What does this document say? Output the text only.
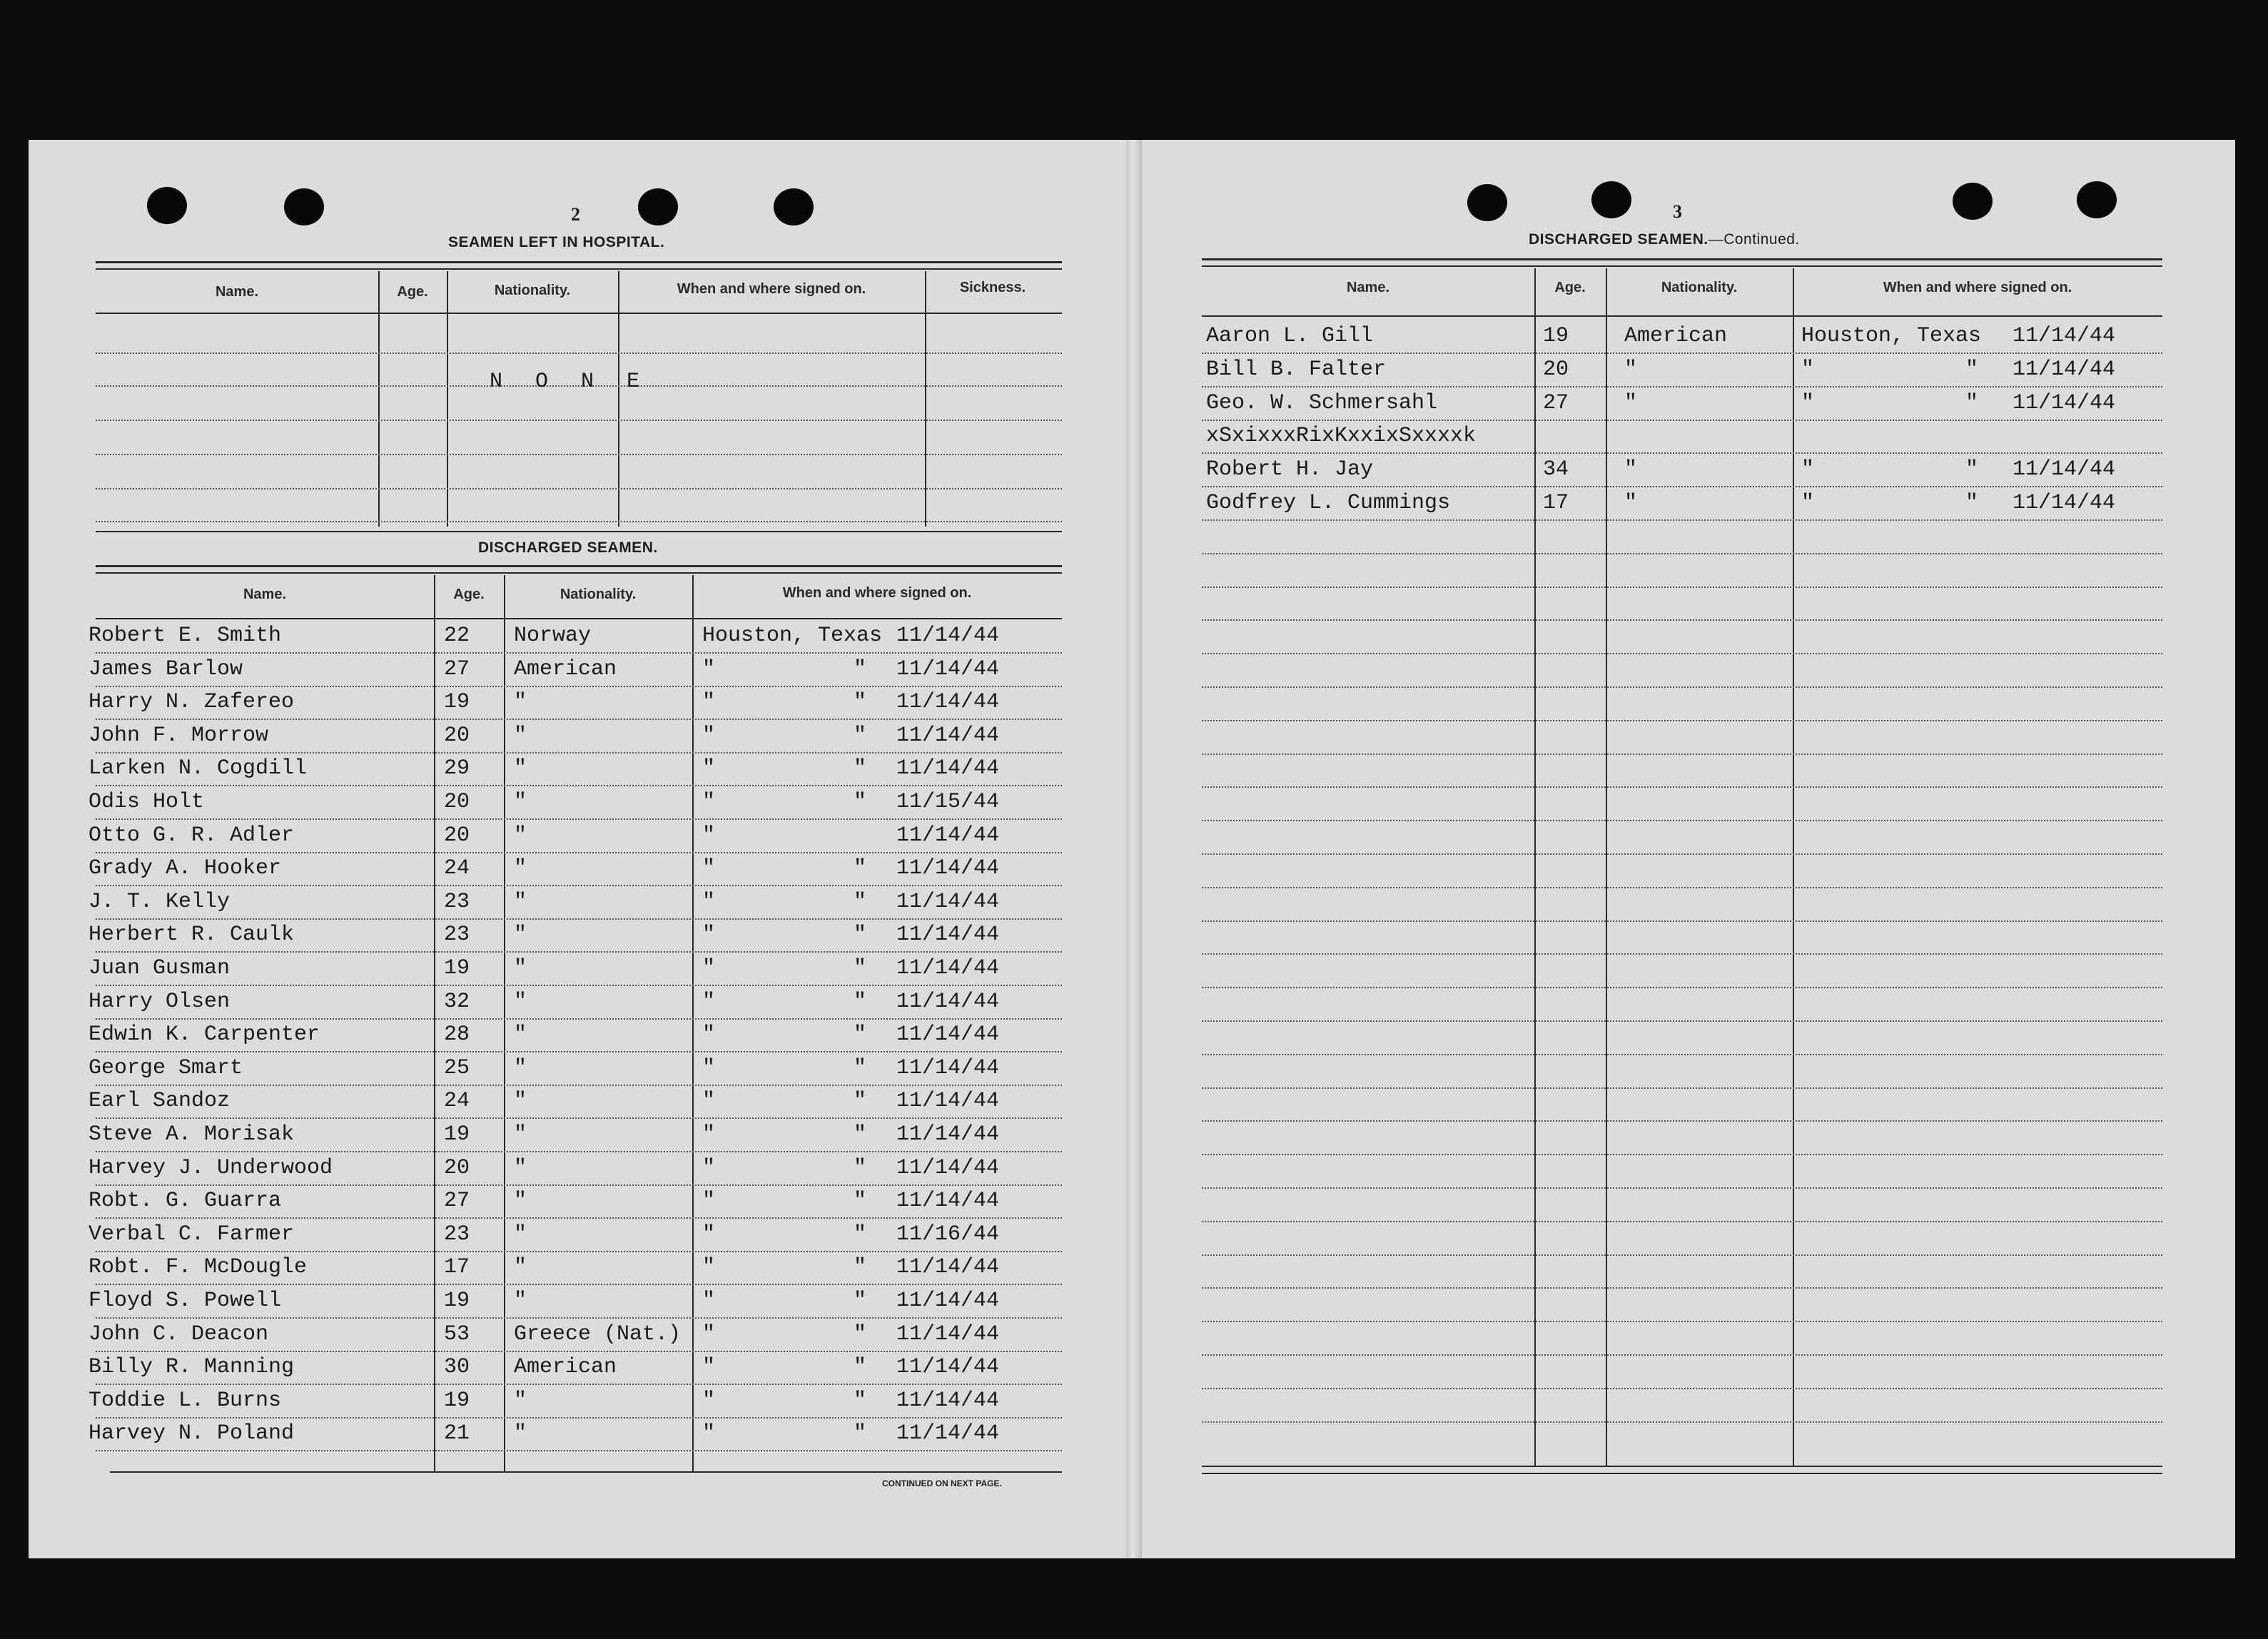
2
SEAMEN LEFT IN HOSPITAL.
Name.	Age.	Nationality.	When and where signed on.	Sickness.
N O N E
DISCHARGED SEAMEN.
Name.	Age.	Nationality.	When and where signed on.
Robert E. Smith	22 Norway	Houston, Texas 11/14/44
James Barlow	27 American	"	" 11/14/44
Harry N. Zafereo	19 "	"	" 11/14/44
John F. Morrow	20 "	"	" 11/14/44
Larken N. Cogdill	29 "	"	" 11/14/44
Odis Holt	20 "	"	" 11/15/44
Otto G. R. Adler	20 "	"	11/14/44
Grady A. Hooker	24 "	"	" 11/14/44
J. T. Kelly	23 "	"	" 11/14/44
Herbert R. Caulk	23 "	"	" 11/14/44
Juan Gusman	19 "	"	" 11/14/44
Harry Olsen	32 "	"	" 11/14/44
Edwin K. Carpenter	28 "	"	" 11/14/44
George Smart	25 "	"	" 11/14/44
Earl Sandoz	24 "	"	" 11/14/44
Steve A. Morisak	19 "	"	" 11/14/44
Harvey J. Underwood	20 "	"	" 11/14/44
Robt. G. Guarra	27 "	"	" 11/14/44
Verbal C. Farmer	23 "	"	" 11/16/44
Robt. F. McDougle	17 "	"	" 11/14/44
Floyd S. Powell	19 "	"	" 11/14/44
John C. Deacon	53 Greece (Nat.) "	" 11/14/44
Billy R. Manning	30 American	"	" 11/14/44
Toddie L. Burns	19 "	"	" 11/14/44
Harvey N. Poland	21 "	"	" 11/14/44
CONTINUED ON NEXT PAGE.
3
DISCHARGED SEAMEN.—Continued.
Name.	Age.	Nationality.	When and where signed on.
Aaron L. Gill	19	American	Houston, Texas 11/14/44
Bill B. Falter	20	"	"	" 11/14/44
Geo. W. Schmersahl	27	"	"	" 11/14/44
xSxixxxRixKxxixSxxxxk
Robert H. Jay	34	"	"	" 11/14/44
Godfrey L. Cummings	17	"	"	" 11/14/44
